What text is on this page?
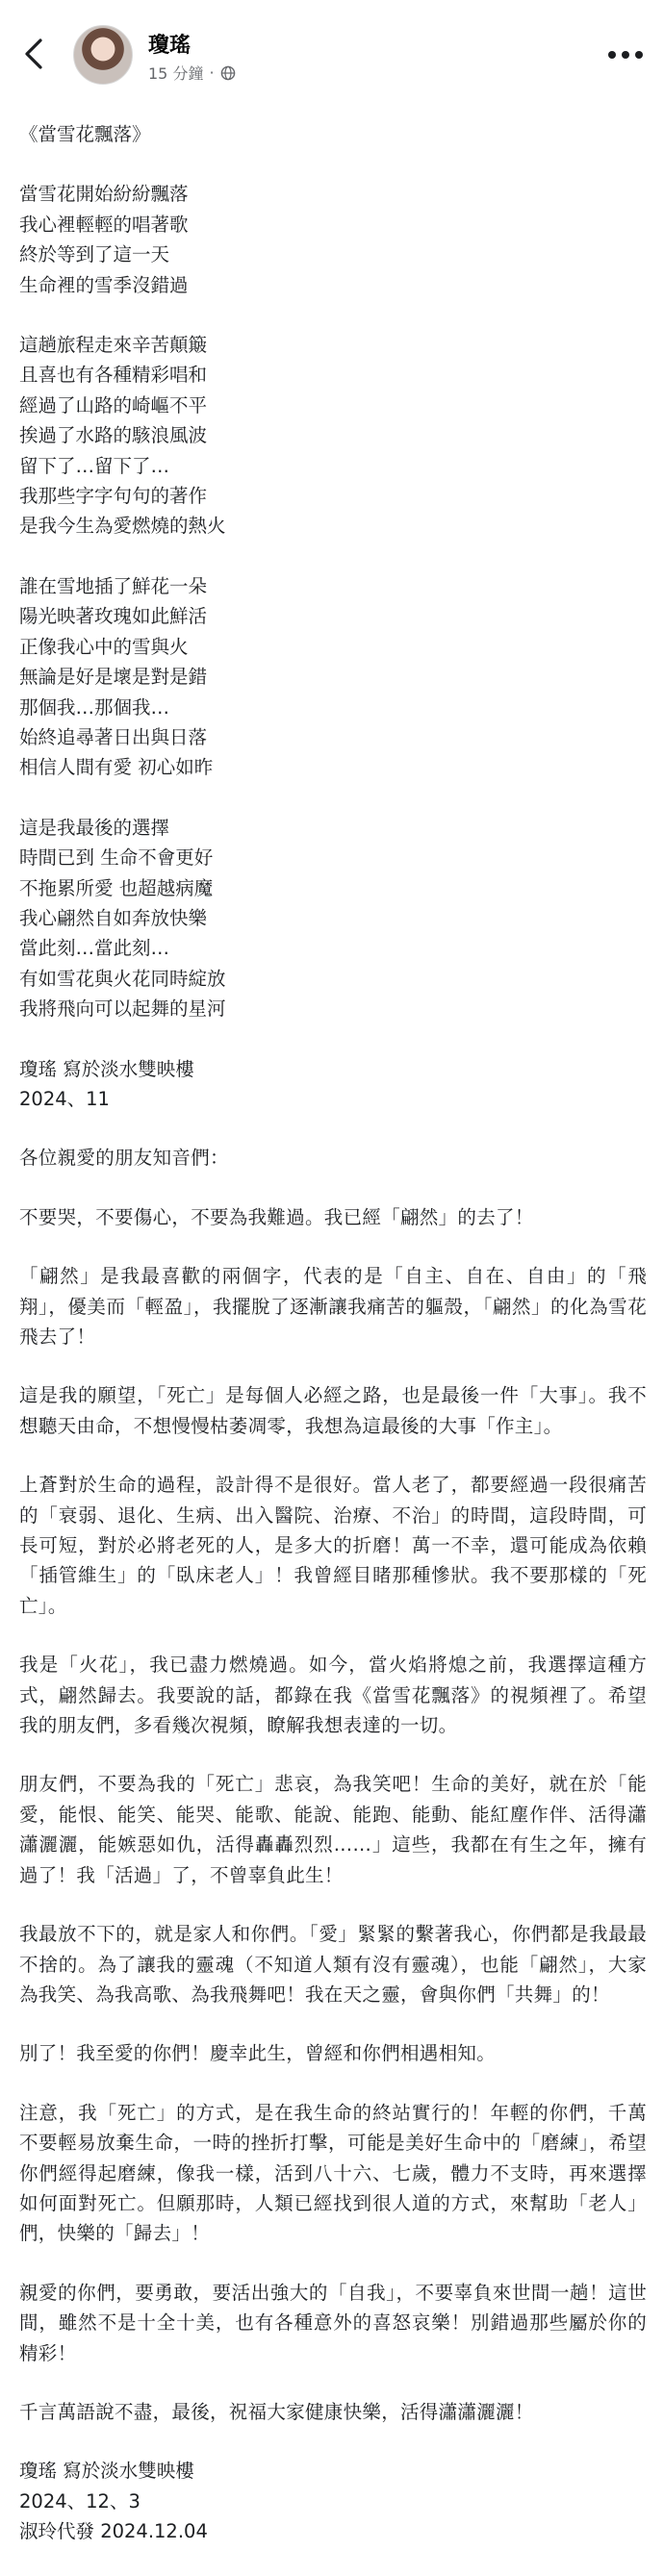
瓊瑤
15 分鐘 ·

《當雪花飄落》

當雪花開始紛紛飄落

我心裡輕輕的唱著歌

終於等到了這一天

生命裡的雪季沒錯過

這趟旅程走來辛苦顛簸

且喜也有各種精彩唱和

經過了山路的崎嶇不平

挨過了水路的駭浪風波

留下了…留下了…

我那些字字句句的著作

是我今生為愛燃燒的熱火

誰在雪地插了鮮花一朵

陽光映著玫瑰如此鮮活

正像我心中的雪與火

無論是好是壞是對是錯

那個我…那個我…

始終追尋著日出與日落

相信人間有愛 初心如昨

這是我最後的選擇

時間已到 生命不會更好

不拖累所愛 也超越病魔

我心翩然自如奔放快樂

當此刻…當此刻…

有如雪花與火花同時綻放

我將飛向可以起舞的星河

瓊瑤 寫於淡水雙映樓

2024、11

各位親愛的朋友知音們：

不要哭，不要傷心，不要為我難過。我已經「翩然」的去了！

「翩然」是我最喜歡的兩個字，代表的是「自主、自在、自由」的「飛翔」，優美而「輕盈」，我擺脫了逐漸讓我痛苦的軀殼，「翩然」的化為雪花飛去了！

這是我的願望，「死亡」是每個人必經之路，也是最後一件「大事」。我不想聽天由命，不想慢慢枯萎凋零，我想為這最後的大事「作主」。

上蒼對於生命的過程，設計得不是很好。當人老了，都要經過一段很痛苦的「衰弱、退化、生病、出入醫院、治療、不治」的時間，這段時間，可長可短，對於必將老死的人，是多大的折磨！萬一不幸，還可能成為依賴「插管維生」的「臥床老人」！我曾經目睹那種慘狀。我不要那樣的「死亡」。

我是「火花」，我已盡力燃燒過。如今，當火焰將熄之前，我選擇這種方式，翩然歸去。我要說的話，都錄在我《當雪花飄落》的視頻裡了。希望我的朋友們，多看幾次視頻，瞭解我想表達的一切。

朋友們，不要為我的「死亡」悲哀，為我笑吧！生命的美好，就在於「能愛，能恨、能笑、能哭、能歌、能說、能跑、能動、能紅塵作伴、活得瀟瀟灑灑，能嫉惡如仇，活得轟轟烈烈……」這些，我都在有生之年，擁有過了！我「活過」了，不曾辜負此生！

我最放不下的，就是家人和你們。「愛」緊緊的繫著我心，你們都是我最最不捨的。為了讓我的靈魂（不知道人類有沒有靈魂），也能「翩然」，大家為我笑、為我高歌、為我飛舞吧！我在天之靈，會與你們「共舞」的！

別了！我至愛的你們！慶幸此生，曾經和你們相遇相知。

注意，我「死亡」的方式，是在我生命的終站實行的！年輕的你們，千萬不要輕易放棄生命，一時的挫折打擊，可能是美好生命中的「磨練」，希望你們經得起磨練，像我一樣，活到八十六、七歲，體力不支時，再來選擇如何面對死亡。但願那時，人類已經找到很人道的方式，來幫助「老人」們，快樂的「歸去」！

親愛的你們，要勇敢，要活出強大的「自我」，不要辜負來世間一趟！這世間，雖然不是十全十美，也有各種意外的喜怒哀樂！別錯過那些屬於你的精彩！

千言萬語說不盡，最後，祝福大家健康快樂，活得瀟瀟灑灑！

瓊瑤 寫於淡水雙映樓

2024、12、3

淑玲代發 2024.12.04
